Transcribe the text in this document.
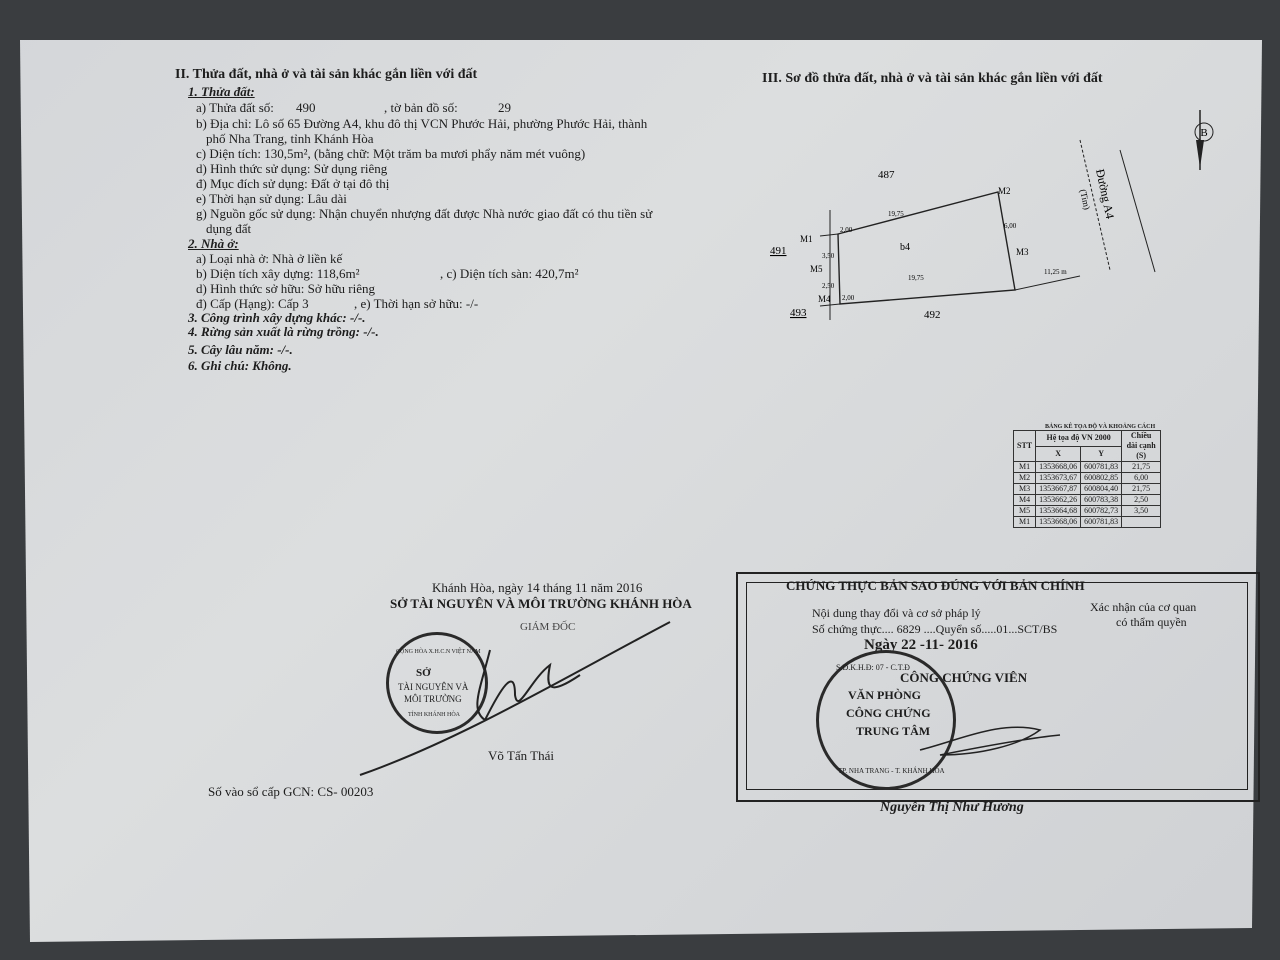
II. Thửa đất, nhà ở và tài sản khác gắn liền với đất
1. Thửa đất:
a) Thửa đất số: 490	, tờ bản đồ số:	29
b) Địa chỉ: Lô số 65 Đường A4, khu đô thị VCN Phước Hải, phường Phước Hải, thành
phố Nha Trang, tỉnh Khánh Hòa
c) Diện tích: 130,5m², (bằng chữ: Một trăm ba mươi phẩy năm mét vuông)
d) Hình thức sử dụng: Sử dụng riêng
đ) Mục đích sử dụng: Đất ở tại đô thị
e) Thời hạn sử dụng: Lâu dài
g) Nguồn gốc sử dụng: Nhận chuyển nhượng đất được Nhà nước giao đất có thu tiền sử
dụng đất
2. Nhà ở:
a) Loại nhà ở: Nhà ở liền kế
b) Diện tích xây dựng: 118,6m²	, c) Diện tích sàn: 420,7m²
d) Hình thức sở hữu: Sở hữu riêng
đ) Cấp (Hạng): Cấp 3	, e) Thời hạn sở hữu: -/-
3. Công trình xây dựng khác: -/-.
4. Rừng sản xuất là rừng trồng: -/-.
5. Cây lâu năm: -/-.
6. Ghi chú: Không.
III. Sơ đồ thửa đất, nhà ở và tài sản khác gắn liền với đất
B
Đường A4
(Tim)
487
491
493	492
b4
M1
M2
M3
M4
M5
19,75
19,75
6,00
2,00
2,00
3,50
2,50
11,25 m
BẢNG KÊ TỌA ĐỘ VÀ KHOẢNG CÁCH
STT	Hệ tọa độ VN 2000		Chiều dài cạnh (S)
	X	Y	
M1	1353668,06	600781,83	21,75
M2	1353673,67	600802,85	6,00
M3	1353667,87	600804,40	21,75
M4	1353662,26	600783,38	2,50
M5	1353664,68	600782,73	3,50
M1	1353668,06	600781,83	
Khánh Hòa, ngày 14 tháng 11 năm 2016
SỞ TÀI NGUYÊN VÀ MÔI TRƯỜNG KHÁNH HÒA
GIÁM ĐỐC
SỞ
TÀI NGUYÊN VÀ
MÔI TRƯỜNG
CỘNG HÒA X.H.C.N VIỆT NAM
TỈNH KHÁNH HÒA
Võ Tấn Thái
Số vào sổ cấp GCN: CS- 00203
CHỨNG THỰC BẢN SAO ĐÚNG VỚI BẢN CHÍNH
Nội dung thay đổi và cơ sở pháp lý
Số chứng thực.... 6829 ....Quyển số.....01...SCT/BS
Xác nhận của cơ quan
có thẩm quyền
Ngày 22 -11- 2016
CÔNG CHỨNG VIÊN
S.Đ.K.H.Đ: 07 - C.T.Đ
VĂN PHÒNG
CÔNG CHỨNG
TRUNG TÂM
TP. NHA TRANG - T. KHÁNH HÒA
Nguyễn Thị Như Hương
